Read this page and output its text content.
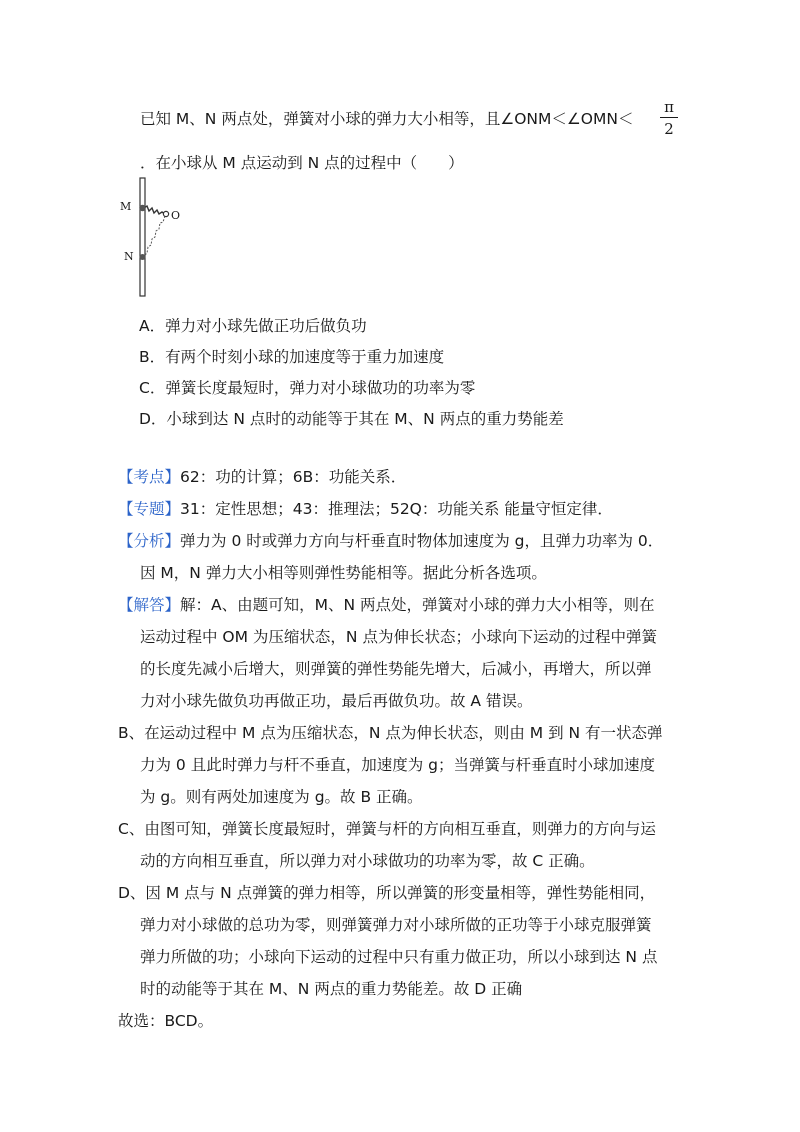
已知 M、N 两点处，弹簧对小球的弹力大小相等，且∠ONM＜∠OMN＜ $\frac{\pi}{2}$
．在小球从 M 点运动到 N 点的过程中（　　）
M
O
N
A．弹力对小球先做正功后做负功
B．有两个时刻小球的加速度等于重力加速度
C．弹簧长度最短时，弹力对小球做功的功率为零
D．小球到达 N 点时的动能等于其在 M、N 两点的重力势能差
【考点】62：功的计算；6B：功能关系．
【专题】31：定性思想；43：推理法；52Q：功能关系 能量守恒定律．
【分析】弹力为 0 时或弹力方向与杆垂直时物体加速度为 g，且弹力功率为 0．
因 M，N 弹力大小相等则弹性势能相等。据此分析各选项。
【解答】解：A、由题可知，M、N 两点处，弹簧对小球的弹力大小相等，则在
运动过程中 OM 为压缩状态，N 点为伸长状态；小球向下运动的过程中弹簧
的长度先减小后增大，则弹簧的弹性势能先增大，后减小，再增大，所以弹
力对小球先做负功再做正功，最后再做负功。故 A 错误。
B、在运动过程中 M 点为压缩状态，N 点为伸长状态，则由 M 到 N 有一状态弹
力为 0 且此时弹力与杆不垂直，加速度为 g；当弹簧与杆垂直时小球加速度
为 g。则有两处加速度为 g。故 B 正确。
C、由图可知，弹簧长度最短时，弹簧与杆的方向相互垂直，则弹力的方向与运
动的方向相互垂直，所以弹力对小球做功的功率为零，故 C 正确。
D、因 M 点与 N 点弹簧的弹力相等，所以弹簧的形变量相等，弹性势能相同，
弹力对小球做的总功为零，则弹簧弹力对小球所做的正功等于小球克服弹簧
弹力所做的功；小球向下运动的过程中只有重力做正功，所以小球到达 N 点
时的动能等于其在 M、N 两点的重力势能差。故 D 正确
故选：BCD。
